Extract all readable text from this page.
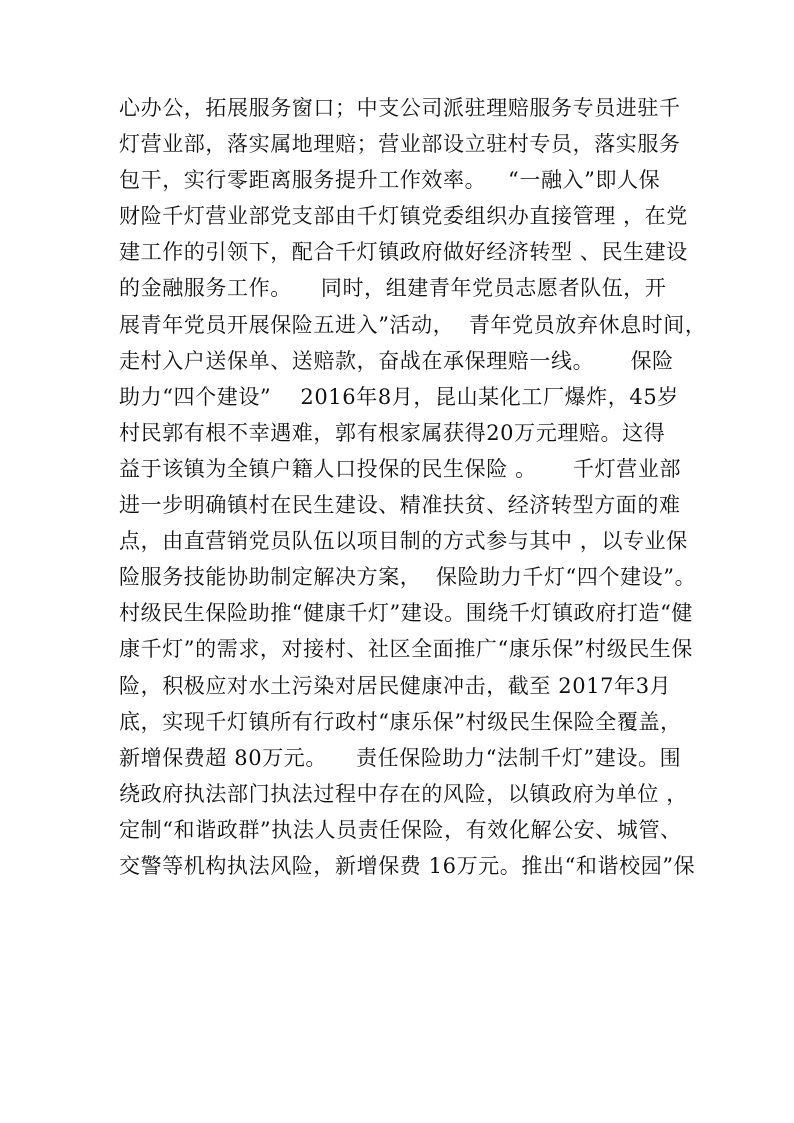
心办公，拓展服务窗口；中支公司派驻理赔服务专员进驻千
灯营业部，落实属地理赔；营业部设立驻村专员，落实服务
包干，实行零距离服务提升工作效率。   “一融入”即人保
财险千灯营业部党支部由千灯镇党委组织办直接管理 ，在党
建工作的引领下，配合千灯镇政府做好经济转型 、民生建设
的金融服务工作。    同时，组建青年党员志愿者队伍，开
展青年党员开展保险五进入”活动，  青年党员放弃休息时间，
走村入户送保单、送赔款，奋战在承保理赔一线。     保险
助力“四个建设”    2016年8月，昆山某化工厂爆炸，45岁
村民郭有根不幸遇难，郭有根家属获得20万元理赔。这得
益于该镇为全镇户籍人口投保的民生保险 。     千灯营业部
进一步明确镇村在民生建设、精准扶贫、经济转型方面的难
点，由直营销党员队伍以项目制的方式参与其中 ，以专业保
险服务技能协助制定解决方案，  保险助力千灯“四个建设”。
村级民生保险助推“健康千灯”建设。围绕千灯镇政府打造“健
康千灯”的需求，对接村、社区全面推广“康乐保”村级民生保
险，积极应对水土污染对居民健康冲击，截至 2017年3月
底，实现千灯镇所有行政村“康乐保”村级民生保险全覆盖，
新增保费超 80万元。    责任保险助力“法制千灯”建设。围
绕政府执法部门执法过程中存在的风险，以镇政府为单位 ，
定制“和谐政群”执法人员责任保险，有效化解公安、城管、
交警等机构执法风险，新增保费 16万元。推出“和谐校园”保
